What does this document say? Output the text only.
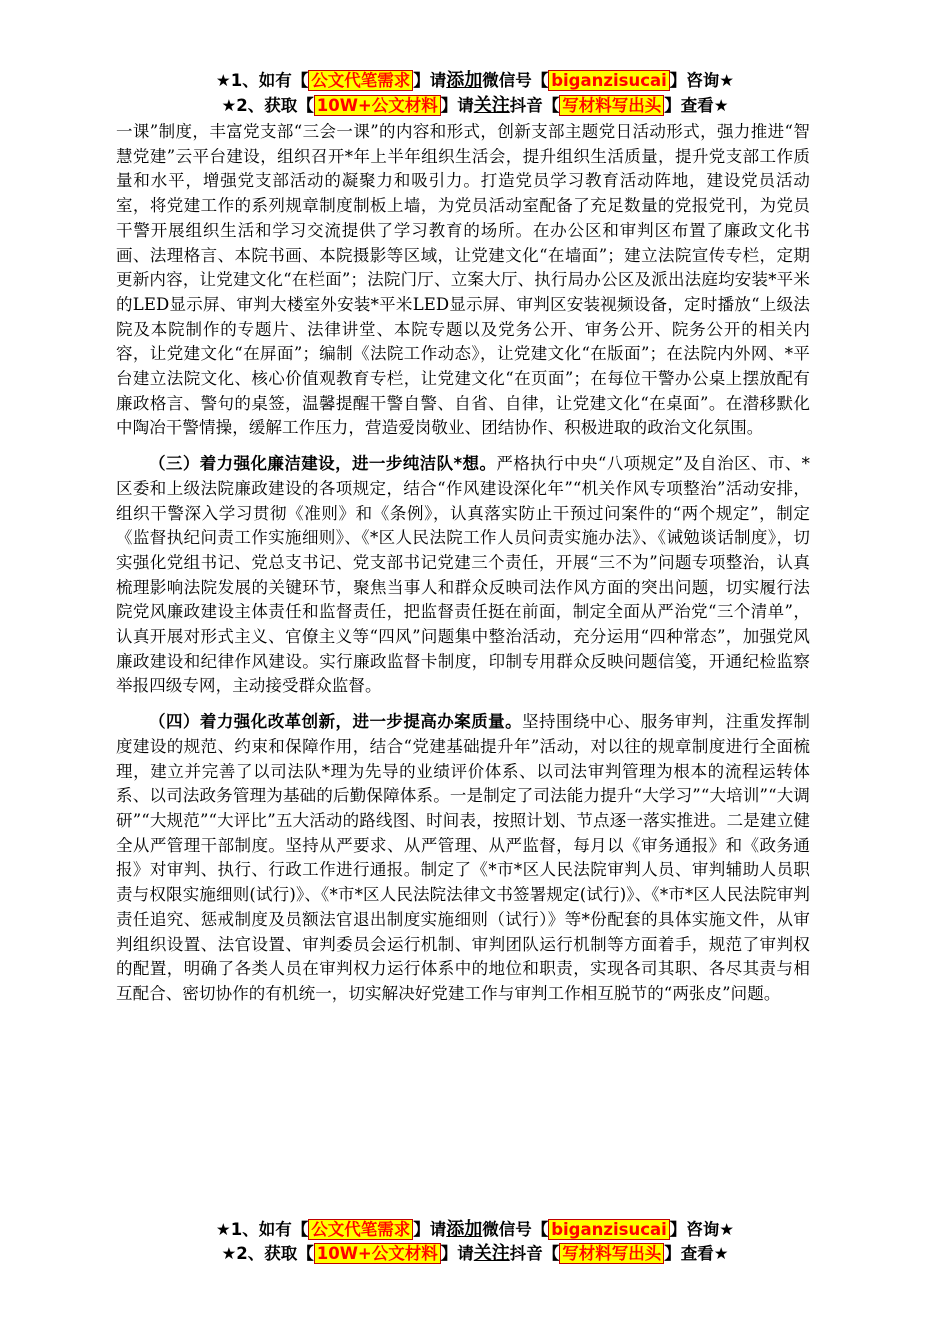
★1、如有【 公文代笔需求 】请添加微信号【 biganzisucai 】咨询★
★2、获取【 10W+公文材料 】请关注抖音【 写材料写出头 】查看★

一课”制度，丰富党支部“三会一课”的内容和形式，创新支部主题党日活动形式，强力推进“智慧党建”云平台建设，组织召开*年上半年组织生活会，提升组织生活质量，提升党支部工作质量和水平，增强党支部活动的凝聚力和吸引力。打造党员学习教育活动阵地，建设党员活动室，将党建工作的系列规章制度制板上墙，为党员活动室配备了充足数量的党报党刊，为党员干警开展组织生活和学习交流提供了学习教育的场所。在办公区和审判区布置了廉政文化书画、法理格言、本院书画、本院摄影等区域，让党建文化“在墙面”；建立法院宣传专栏，定期更新内容，让党建文化“在栏面”；法院门厅、立案大厅、执行局办公区及派出法庭均安装*平米的LED显示屏、审判大楼室外安装*平米LED显示屏、审判区安装视频设备，定时播放“上级法院及本院制作的专题片、法律讲堂、本院专题以及党务公开、审务公开、院务公开的相关内容，让党建文化“在屏面”；编制《法院工作动态》，让党建文化“在版面”；在法院内外网、*平台建立法院文化、核心价值观教育专栏，让党建文化“在页面”；在每位干警办公桌上摆放配有廉政格言、警句的桌签，温馨提醒干警自警、自省、自律，让党建文化“在桌面”。在潜移默化中陶冶干警情操，缓解工作压力，营造爱岗敬业、团结协作、积极进取的政治文化氛围。

（三）着力强化廉洁建设，进一步纯洁队*想。严格执行中央“八项规定”及自治区、市、*区委和上级法院廉政建设的各项规定，结合“作风建设深化年”“机关作风专项整治”活动安排，组织干警深入学习贯彻《准则》和《条例》，认真落实防止干预过问案件的“两个规定”，制定《监督执纪问责工作实施细则》、《*区人民法院工作人员问责实施办法》、《诫勉谈话制度》，切实强化党组书记、党总支书记、党支部书记党建三个责任，开展“三不为”问题专项整治，认真梳理影响法院发展的关键环节，聚焦当事人和群众反映司法作风方面的突出问题，切实履行法院党风廉政建设主体责任和监督责任，把监督责任挺在前面，制定全面从严治党“三个清单”，认真开展对形式主义、官僚主义等“四风”问题集中整治活动，充分运用“四种常态”，加强党风廉政建设和纪律作风建设。实行廉政监督卡制度，印制专用群众反映问题信笺，开通纪检监察举报四级专网，主动接受群众监督。

（四）着力强化改革创新，进一步提高办案质量。坚持围绕中心、服务审判，注重发挥制度建设的规范、约束和保障作用，结合“党建基础提升年”活动，对以往的规章制度进行全面梳理，建立并完善了以司法队*理为先导的业绩评价体系、以司法审判管理为根本的流程运转体系、以司法政务管理为基础的后勤保障体系。一是制定了司法能力提升“大学习”“大培训”“大调研”“大规范”“大评比”五大活动的路线图、时间表，按照计划、节点逐一落实推进。二是建立健全从严管理干部制度。坚持从严要求、从严管理、从严监督，每月以《审务通报》和《政务通报》对审判、执行、行政工作进行通报。制定了《*市*区人民法院审判人员、审判辅助人员职责与权限实施细则(试行)》、《*市*区人民法院法律文书签署规定(试行)》、《*市*区人民法院审判责任追究、惩戒制度及员额法官退出制度实施细则（试行）》等*份配套的具体实施文件，从审判组织设置、法官设置、审判委员会运行机制、审判团队运行机制等方面着手，规范了审判权的配置，明确了各类人员在审判权力运行体系中的地位和职责，实现各司其职、各尽其责与相互配合、密切协作的有机统一，切实解决好党建工作与审判工作相互脱节的“两张皮”问题。

★1、如有【 公文代笔需求 】请添加微信号【 biganzisucai 】咨询★
★2、获取【 10W+公文材料 】请关注抖音【 写材料写出头 】查看★
